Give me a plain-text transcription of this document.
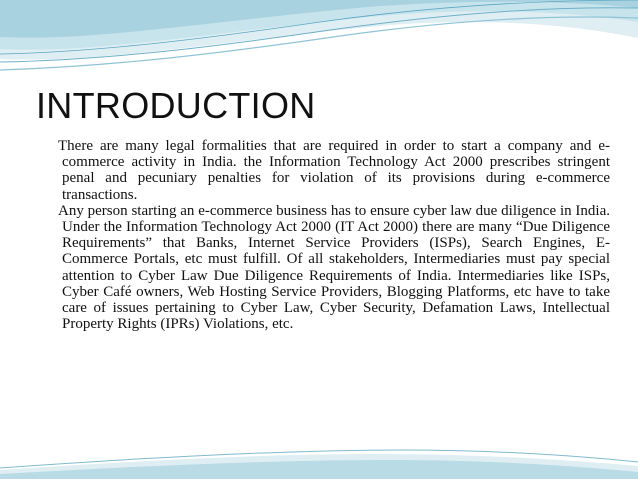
INTRODUCTION

There are many legal formalities that are required in order to start a company and e-commerce activity in India. the Information Technology Act 2000 prescribes stringent penal and pecuniary penalties for violation of its provisions during e-commerce transactions.

Any person starting an e-commerce business has to ensure cyber law due diligence in India. Under the Information Technology Act 2000 (IT Act 2000) there are many “Due Diligence Requirements” that Banks, Internet Service Providers (ISPs), Search Engines, E-Commerce Portals, etc must fulfill. Of all stakeholders, Intermediaries must pay special attention to Cyber Law Due Diligence Requirements of India. Intermediaries like ISPs, Cyber Café owners, Web Hosting Service Providers, Blogging Platforms, etc have to take care of issues pertaining to Cyber Law, Cyber Security, Defamation Laws, Intellectual Property Rights (IPRs) Violations, etc.
